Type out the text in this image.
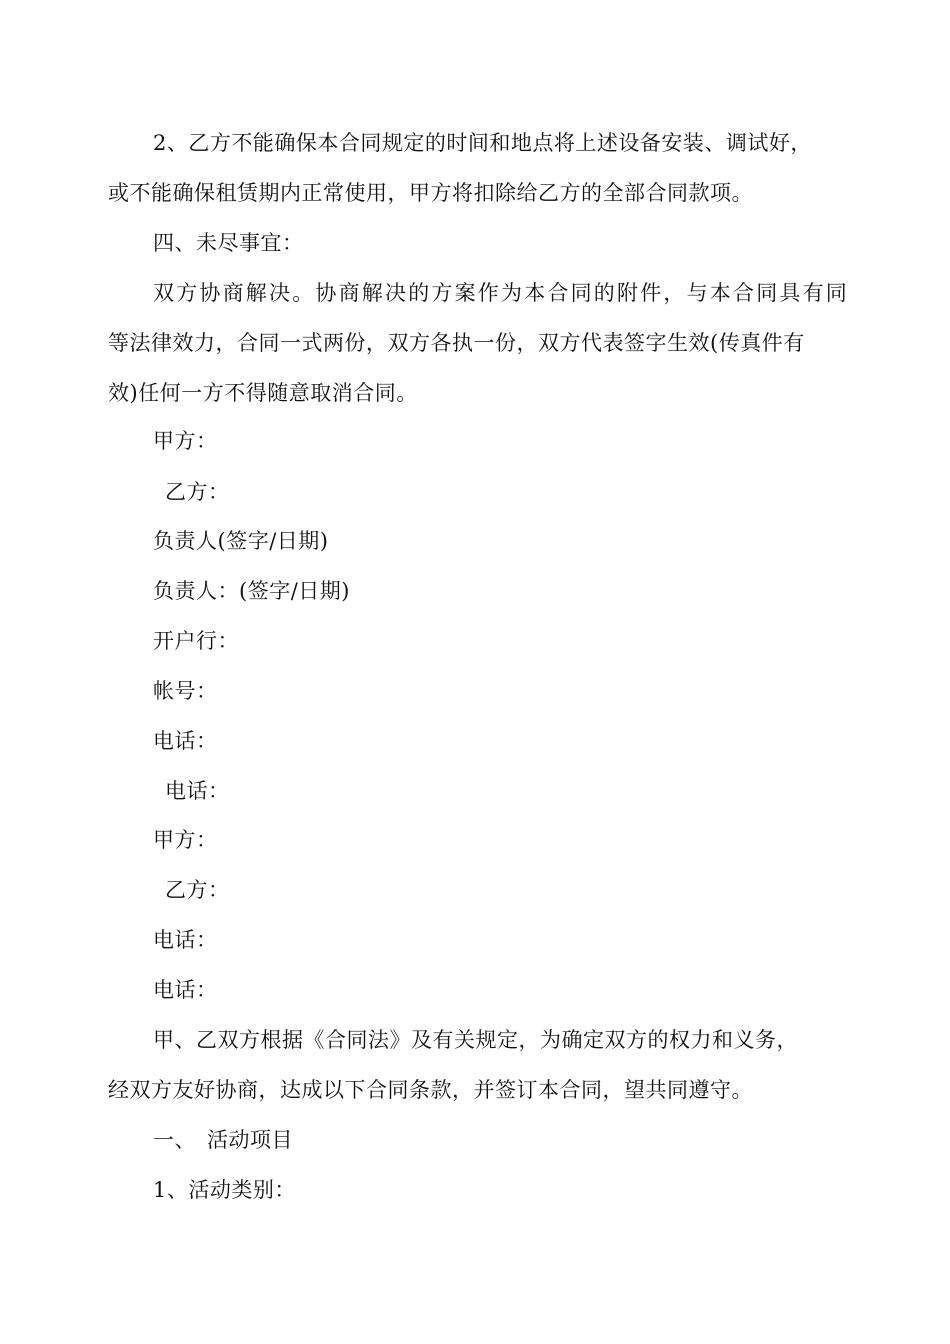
2、乙方不能确保本合同规定的时间和地点将上述设备安装、调试好，
或不能确保租赁期内正常使用，甲方将扣除给乙方的全部合同款项。
四、未尽事宜：
双方协商解决。协商解决的方案作为本合同的附件，与本合同具有同
等法律效力，合同一式两份，双方各执一份，双方代表签字生效(传真件有
效)任何一方不得随意取消合同。
甲方：
乙方：
负责人(签字/日期)
负责人：(签字/日期)
开户行：
帐号：
电话：
电话：
甲方：
乙方：
电话：
电话：
甲、乙双方根据《合同法》及有关规定，为确定双方的权力和义务，
经双方友好协商，达成以下合同条款，并签订本合同，望共同遵守。
一、　活动项目
1、活动类别：
